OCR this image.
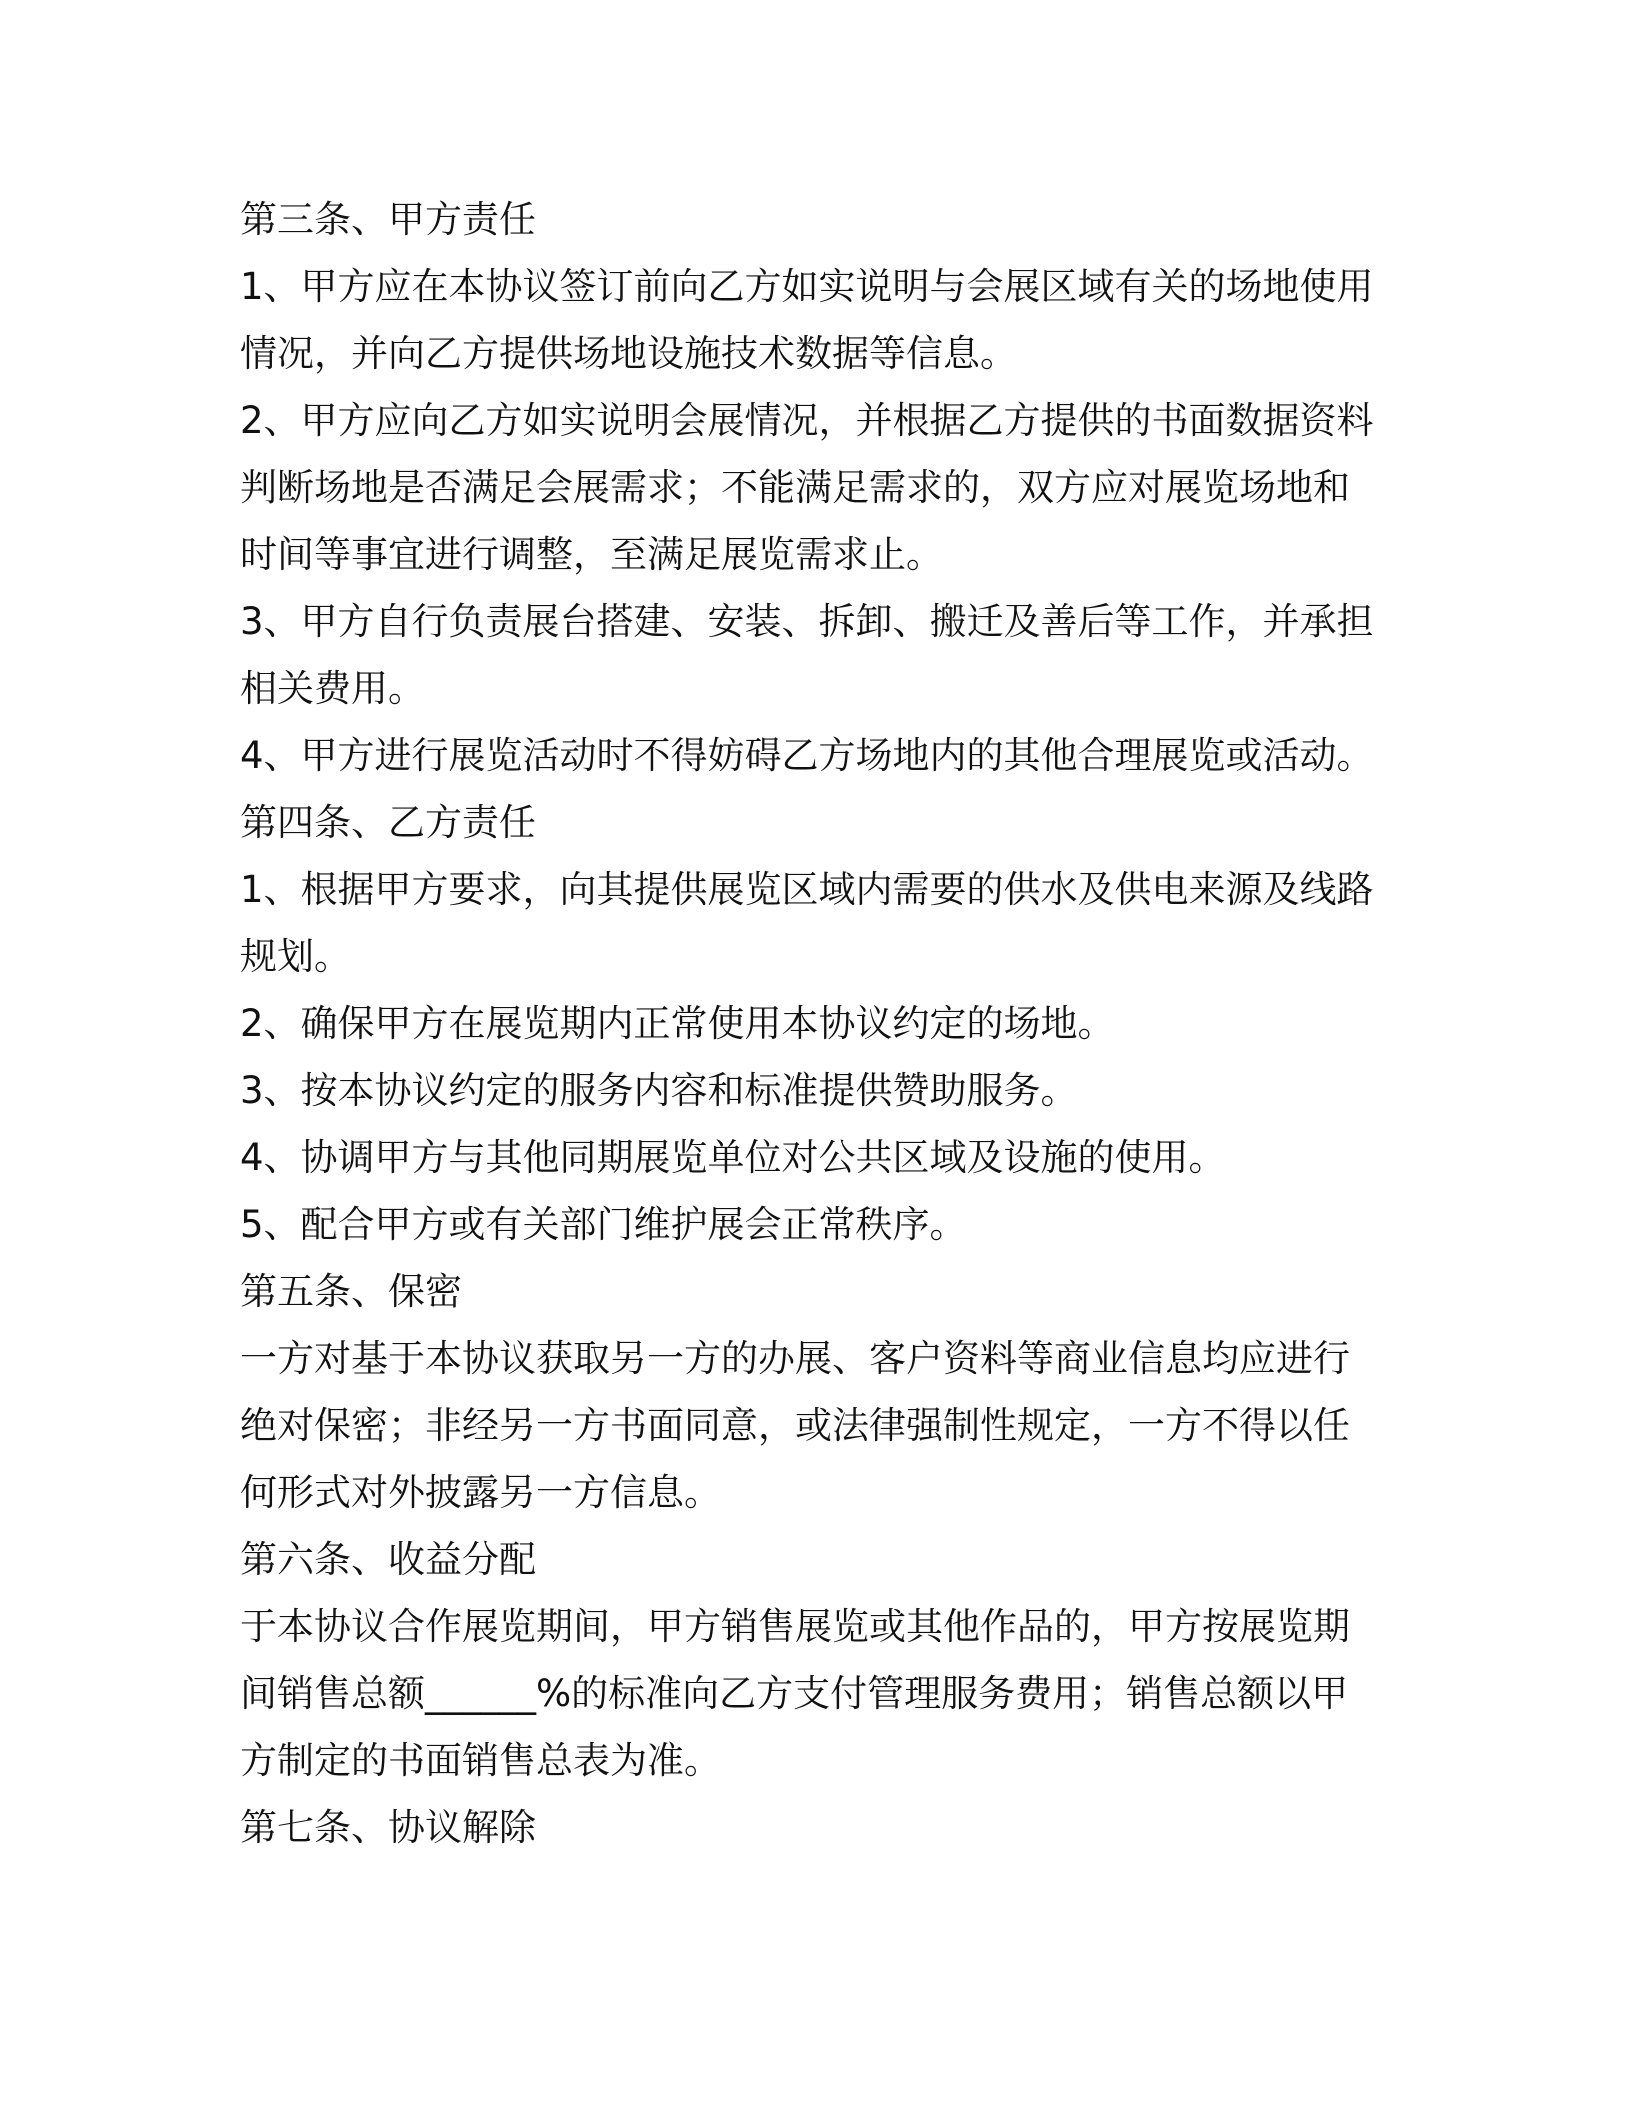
第三条、甲方责任
1、甲方应在本协议签订前向乙方如实说明与会展区域有关的场地使用
情况，并向乙方提供场地设施技术数据等信息。
2、甲方应向乙方如实说明会展情况，并根据乙方提供的书面数据资料
判断场地是否满足会展需求；不能满足需求的，双方应对展览场地和
时间等事宜进行调整，至满足展览需求止。
3、甲方自行负责展台搭建、安装、拆卸、搬迁及善后等工作，并承担
相关费用。
4、甲方进行展览活动时不得妨碍乙方场地内的其他合理展览或活动。
第四条、乙方责任
1、根据甲方要求，向其提供展览区域内需要的供水及供电来源及线路
规划。
2、确保甲方在展览期内正常使用本协议约定的场地。
3、按本协议约定的服务内容和标准提供赞助服务。
4、协调甲方与其他同期展览单位对公共区域及设施的使用。
5、配合甲方或有关部门维护展会正常秩序。
第五条、保密
一方对基于本协议获取另一方的办展、客户资料等商业信息均应进行
绝对保密；非经另一方书面同意，或法律强制性规定，一方不得以任
何形式对外披露另一方信息。
第六条、收益分配
于本协议合作展览期间，甲方销售展览或其他作品的，甲方按展览期
间销售总额______%的标准向乙方支付管理服务费用；销售总额以甲
方制定的书面销售总表为准。
第七条、协议解除
